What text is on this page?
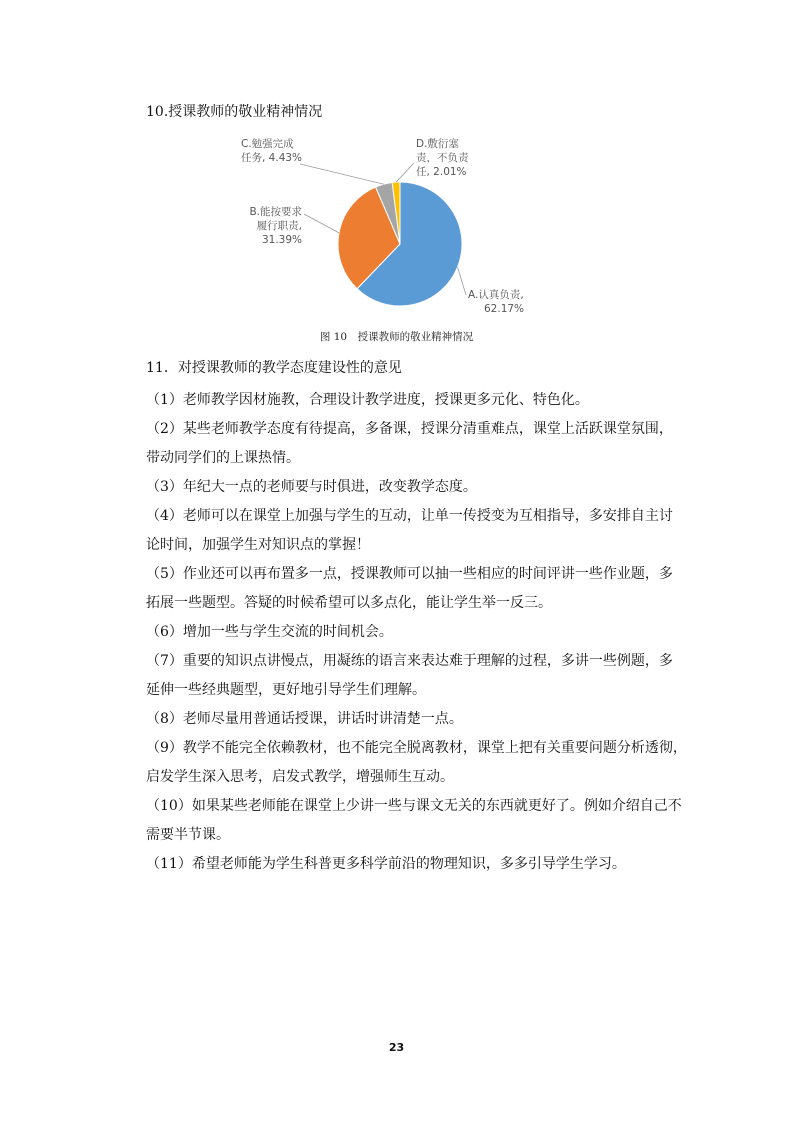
10.授课教师的敬业精神情况
A.认真负责,
62.17%
B.能按要求
履行职责,
31.39%
C.勉强完成
任务, 4.43%
D.敷衍塞
责，不负责
任, 2.01%
图 10　授课教师的敬业精神情况
11．对授课教师的教学态度建设性的意见
（1）老师教学因材施教，合理设计教学进度，授课更多元化、特色化。
（2）某些老师教学态度有待提高，多备课，授课分清重难点，课堂上活跃课堂氛围，
带动同学们的上课热情。
（3）年纪大一点的老师要与时俱进，改变教学态度。
（4）老师可以在课堂上加强与学生的互动，让单一传授变为互相指导，多安排自主讨
论时间，加强学生对知识点的掌握！
（5）作业还可以再布置多一点，授课教师可以抽一些相应的时间评讲一些作业题，多
拓展一些题型。答疑的时候希望可以多点化，能让学生举一反三。
（6）增加一些与学生交流的时间机会。
（7）重要的知识点讲慢点，用凝练的语言来表达难于理解的过程，多讲一些例题，多
延伸一些经典题型，更好地引导学生们理解。
（8）老师尽量用普通话授课，讲话时讲清楚一点。
（9）教学不能完全依赖教材，也不能完全脱离教材，课堂上把有关重要问题分析透彻，
启发学生深入思考，启发式教学，增强师生互动。
（10）如果某些老师能在课堂上少讲一些与课文无关的东西就更好了。例如介绍自己不
需要半节课。
（11）希望老师能为学生科普更多科学前沿的物理知识，多多引导学生学习。
23
